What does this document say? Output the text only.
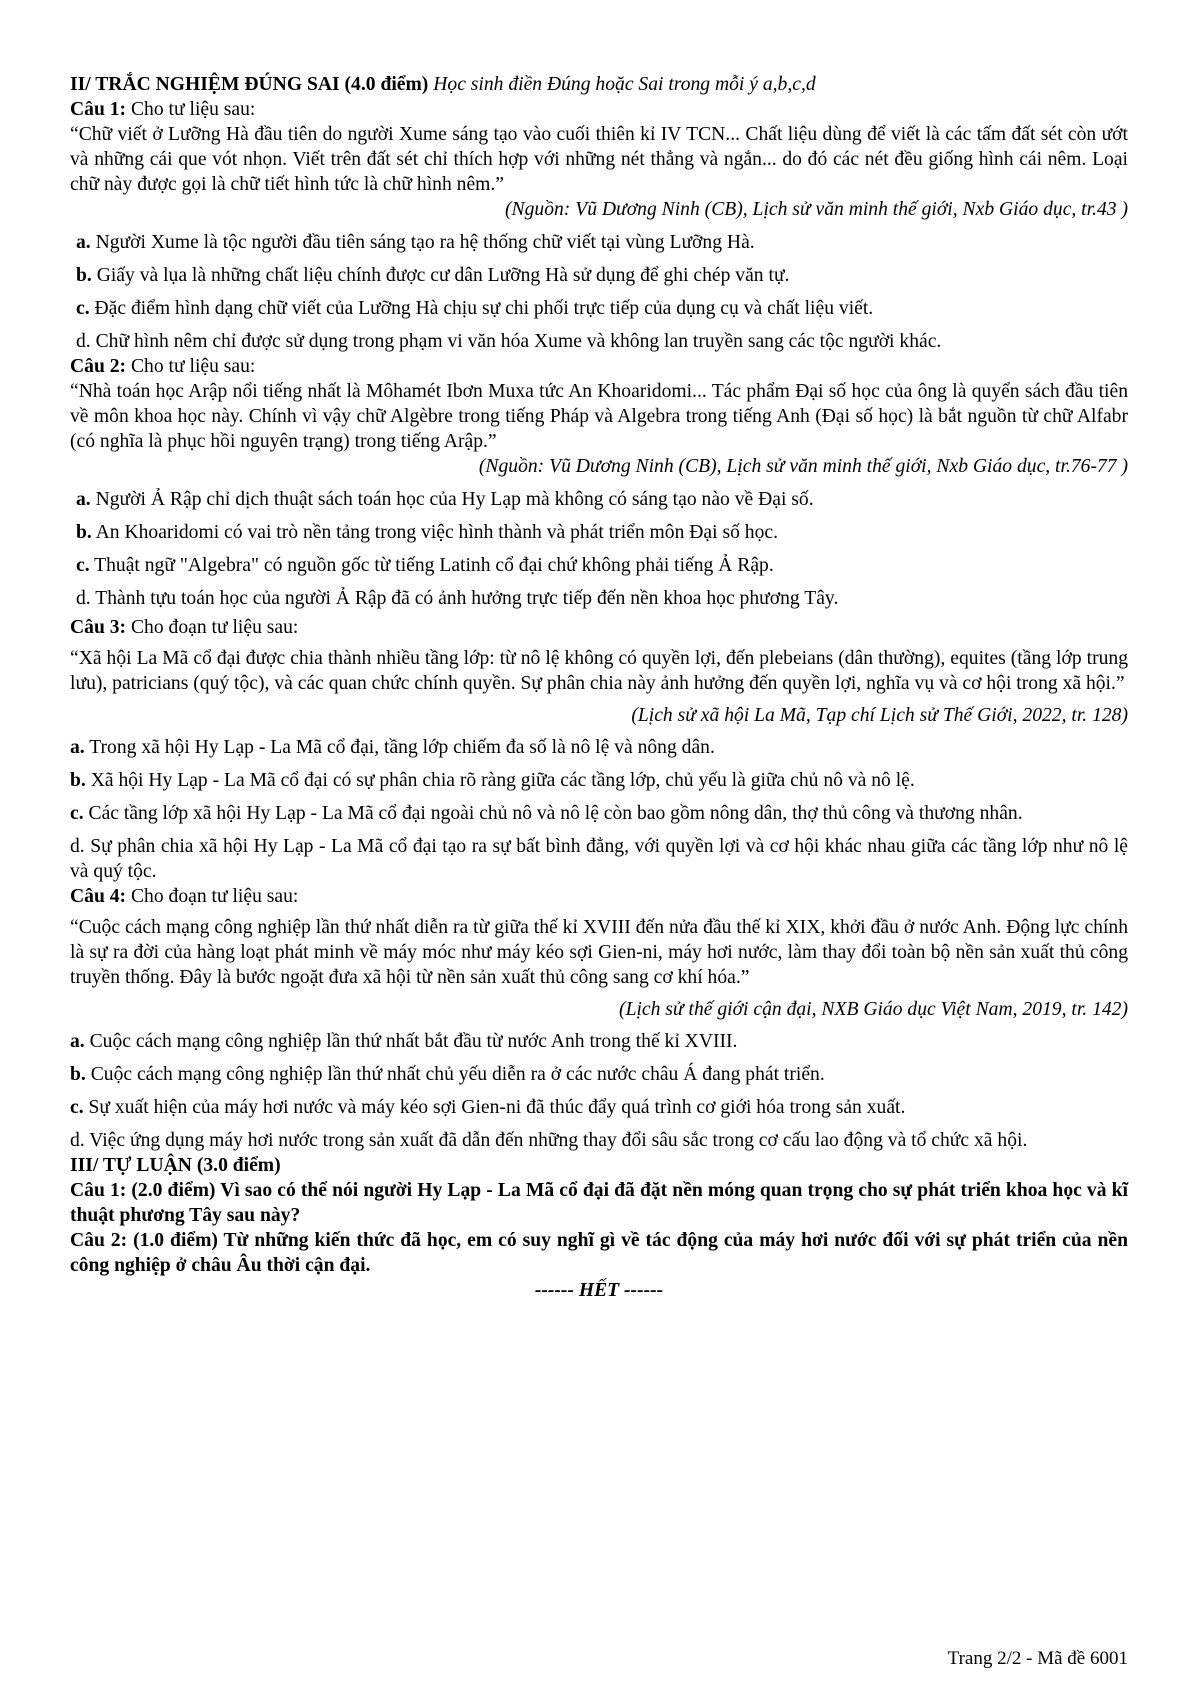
II/ TRẮC NGHIỆM ĐÚNG SAI (4.0 điểm) Học sinh điền Đúng hoặc Sai trong mỗi ý a,b,c,d

Câu 1: Cho tư liệu sau:

“Chữ viết ở Lưỡng Hà đầu tiên do người Xume sáng tạo vào cuối thiên kỉ IV TCN... Chất liệu dùng để viết là các tấm đất sét còn ướt và những cái que vót nhọn. Viết trên đất sét chỉ thích hợp với những nét thẳng và ngắn... do đó các nét đều giống hình cái nêm. Loại chữ này được gọi là chữ tiết hình tức là chữ hình nêm.”

(Nguồn: Vũ Dương Ninh (CB), Lịch sử văn minh thế giới, Nxb Giáo dục, tr.43 )

a. Người Xume là tộc người đầu tiên sáng tạo ra hệ thống chữ viết tại vùng Lưỡng Hà.

b. Giấy và lụa là những chất liệu chính được cư dân Lưỡng Hà sử dụng để ghi chép văn tự.

c. Đặc điểm hình dạng chữ viết của Lưỡng Hà chịu sự chi phối trực tiếp của dụng cụ và chất liệu viết.

d. Chữ hình nêm chỉ được sử dụng trong phạm vi văn hóa Xume và không lan truyền sang các tộc người khác.

Câu 2: Cho tư liệu sau:

“Nhà toán học Arập nổi tiếng nhất là Môhamét Ibơn Muxa tức An Khoaridomi... Tác phẩm Đại số học của ông là quyển sách đầu tiên về môn khoa học này. Chính vì vậy chữ Algèbre trong tiếng Pháp và Algebra trong tiếng Anh (Đại số học) là bắt nguồn từ chữ Alfabr (có nghĩa là phục hồi nguyên trạng) trong tiếng Arập.”

(Nguồn: Vũ Dương Ninh (CB), Lịch sử văn minh thế giới, Nxb Giáo dục, tr.76-77 )

a. Người Ả Rập chỉ dịch thuật sách toán học của Hy Lạp mà không có sáng tạo nào về Đại số.

b. An Khoaridomi có vai trò nền tảng trong việc hình thành và phát triển môn Đại số học.

c. Thuật ngữ "Algebra" có nguồn gốc từ tiếng Latinh cổ đại chứ không phải tiếng Ả Rập.

d. Thành tựu toán học của người Ả Rập đã có ảnh hưởng trực tiếp đến nền khoa học phương Tây.

Câu 3: Cho đoạn tư liệu sau:

“Xã hội La Mã cổ đại được chia thành nhiều tầng lớp: từ nô lệ không có quyền lợi, đến plebeians (dân thường), equites (tầng lớp trung lưu), patricians (quý tộc), và các quan chức chính quyền. Sự phân chia này ảnh hưởng đến quyền lợi, nghĩa vụ và cơ hội trong xã hội.”

(Lịch sử xã hội La Mã, Tạp chí Lịch sử Thế Giới, 2022, tr. 128)

a. Trong xã hội Hy Lạp - La Mã cổ đại, tầng lớp chiếm đa số là nô lệ và nông dân.

b. Xã hội Hy Lạp - La Mã cổ đại có sự phân chia rõ ràng giữa các tầng lớp, chủ yếu là giữa chủ nô và nô lệ.

c. Các tầng lớp xã hội Hy Lạp - La Mã cổ đại ngoài chủ nô và nô lệ còn bao gồm nông dân, thợ thủ công và thương nhân.

d. Sự phân chia xã hội Hy Lạp - La Mã cổ đại tạo ra sự bất bình đẳng, với quyền lợi và cơ hội khác nhau giữa các tầng lớp như nô lệ và quý tộc.

Câu 4: Cho đoạn tư liệu sau:

“Cuộc cách mạng công nghiệp lần thứ nhất diễn ra từ giữa thế kỉ XVIII đến nửa đầu thế kỉ XIX, khởi đầu ở nước Anh. Động lực chính là sự ra đời của hàng loạt phát minh về máy móc như máy kéo sợi Gien-ni, máy hơi nước, làm thay đổi toàn bộ nền sản xuất thủ công truyền thống. Đây là bước ngoặt đưa xã hội từ nền sản xuất thủ công sang cơ khí hóa.”

(Lịch sử thế giới cận đại, NXB Giáo dục Việt Nam, 2019, tr. 142)

a. Cuộc cách mạng công nghiệp lần thứ nhất bắt đầu từ nước Anh trong thế kỉ XVIII.

b. Cuộc cách mạng công nghiệp lần thứ nhất chủ yếu diễn ra ở các nước châu Á đang phát triển.

c. Sự xuất hiện của máy hơi nước và máy kéo sợi Gien-ni đã thúc đẩy quá trình cơ giới hóa trong sản xuất.

d. Việc ứng dụng máy hơi nước trong sản xuất đã dẫn đến những thay đổi sâu sắc trong cơ cấu lao động và tổ chức xã hội.

III/ TỰ LUẬN (3.0 điểm)

Câu 1: (2.0 điểm) Vì sao có thể nói người Hy Lạp - La Mã cổ đại đã đặt nền móng quan trọng cho sự phát triển khoa học và kĩ thuật phương Tây sau này?

Câu 2: (1.0 điểm) Từ những kiến thức đã học, em có suy nghĩ gì về tác động của máy hơi nước đối với sự phát triển của nền công nghiệp ở châu Âu thời cận đại.

------ HẾT ------

Trang 2/2 - Mã đề 6001
